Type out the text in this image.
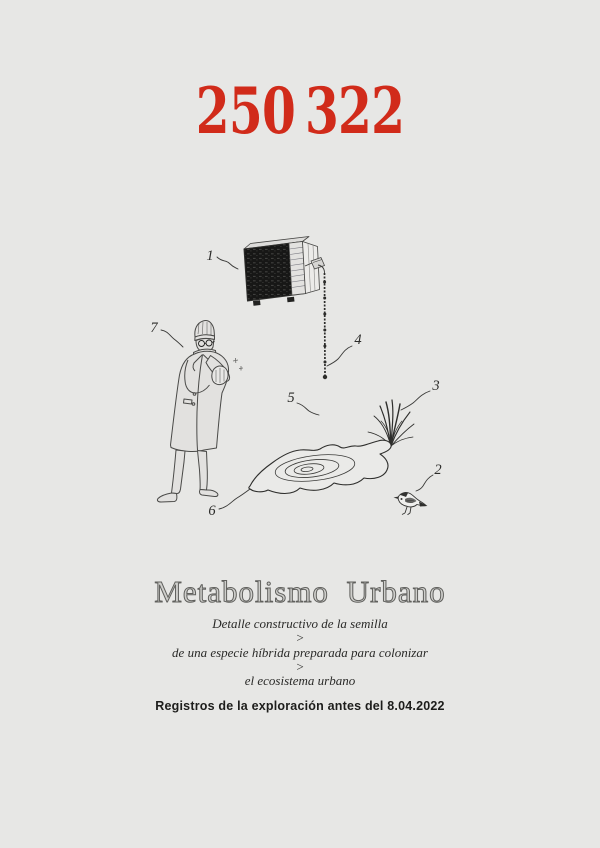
250 322
1
7
4
5
3
6
2
Metabolismo Urbano
Detalle constructivo de la semilla
>
de una especie híbrida preparada para colonizar
>
el ecosistema urbano
Registros de la exploración antes del 8.04.2022
